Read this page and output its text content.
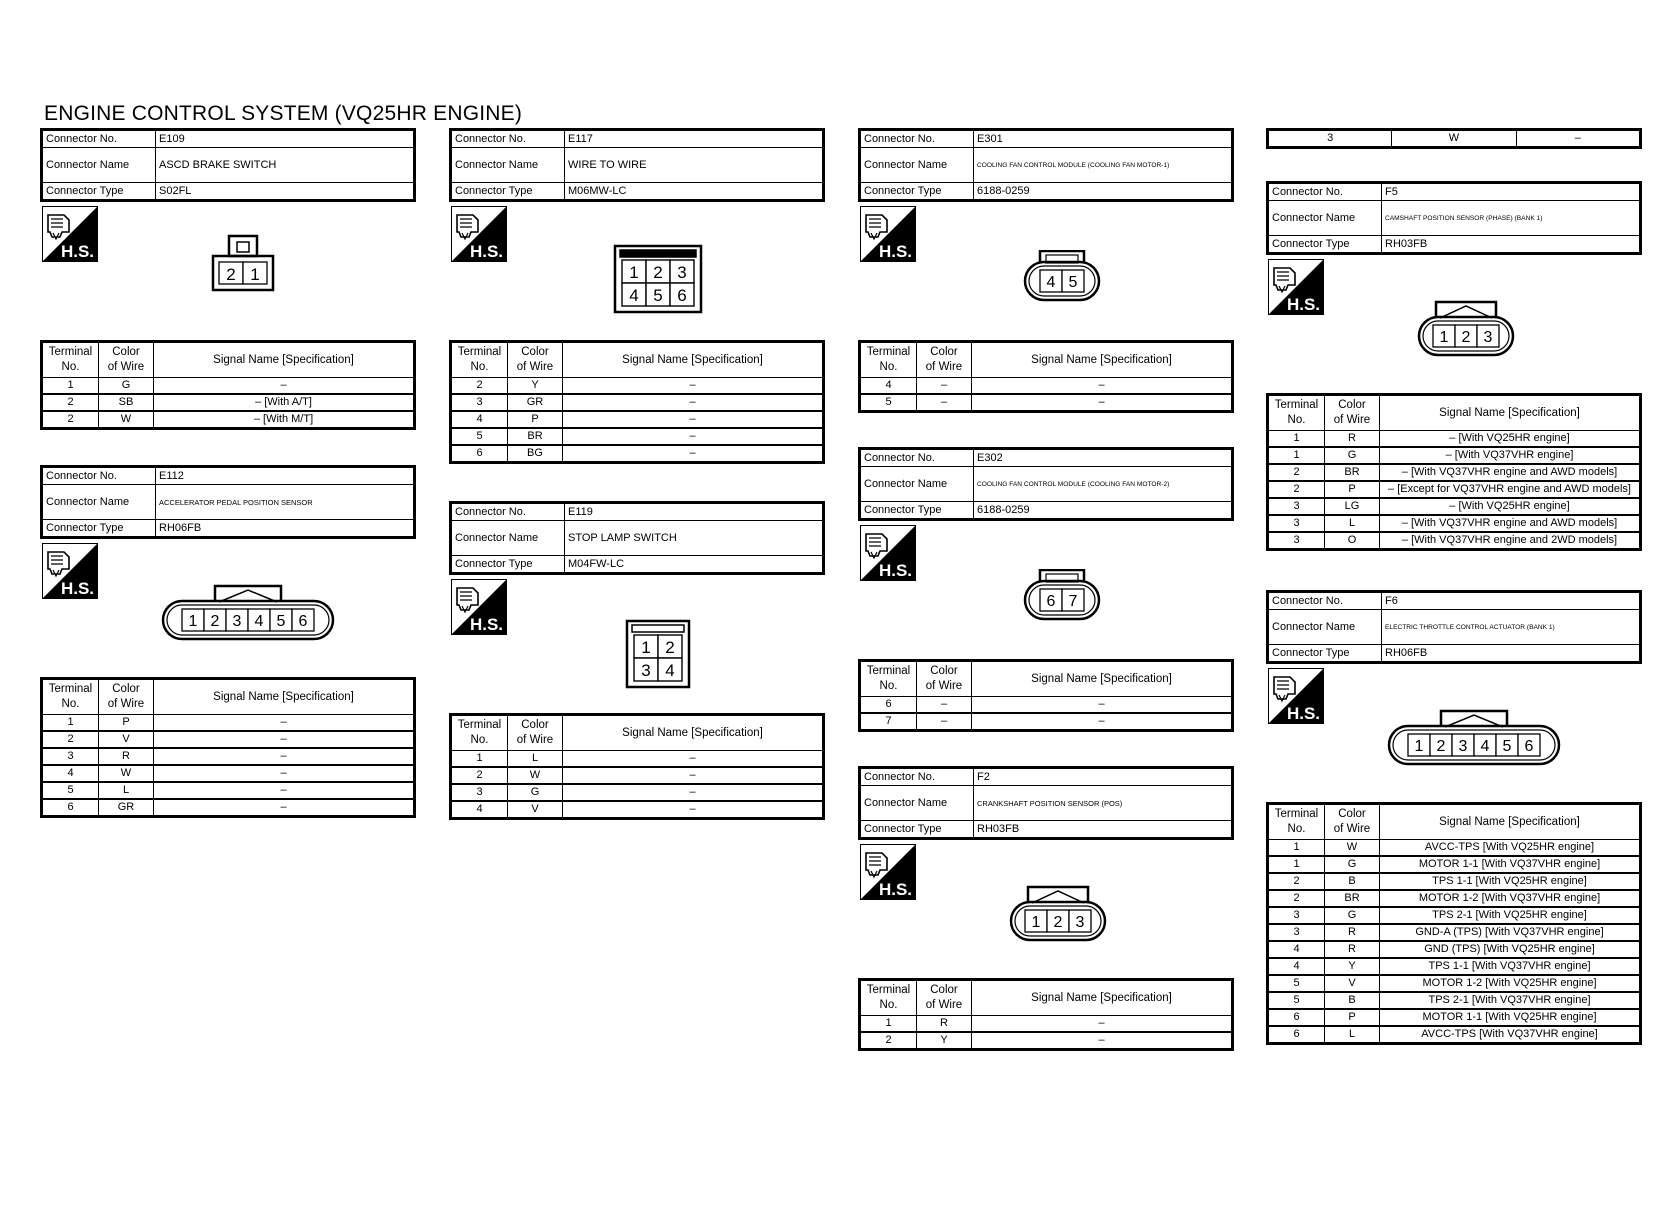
ENGINE CONTROL SYSTEM (VQ25HR ENGINE)
Connector No.	E109
Connector Name	ASCD BRAKE SWITCH
Connector Type	S02FL
H.S.
2 1
Terminal
No.	Color
of Wire	Signal Name [Specification]
1	G	–
2	SB	– [With A/T]
2	W	– [With M/T]
Connector No.	E112
Connector Name	ACCELERATOR PEDAL POSITION SENSOR
Connector Type	RH06FB
H.S.
1 2 3 4 5 6
Terminal
No.	Color
of Wire	Signal Name [Specification]
1	P	–
2	V	–
3	R	–
4	W	–
5	L	–
6	GR	–
Connector No.	E117
Connector Name	WIRE TO WIRE
Connector Type	M06MW-LC
H.S.
1 2 3
4 5 6
Terminal
No.	Color
of Wire	Signal Name [Specification]
2	Y	–
3	GR	–
4	P	–
5	BR	–
6	BG	–
Connector No.	E119
Connector Name	STOP LAMP SWITCH
Connector Type	M04FW-LC
H.S.
1 2
3 4
Terminal
No.	Color
of Wire	Signal Name [Specification]
1	L	–
2	W	–
3	G	–
4	V	–
Connector No.	E301
Connector Name	COOLING FAN CONTROL MODULE (COOLING FAN MOTOR-1)
Connector Type	6188-0259
H.S.
4 5
Terminal
No.	Color
of Wire	Signal Name [Specification]
4	–	–
5	–	–
Connector No.	E302
Connector Name	COOLING FAN CONTROL MODULE (COOLING FAN MOTOR-2)
Connector Type	6188-0259
H.S.
6 7
Terminal
No.	Color
of Wire	Signal Name [Specification]
6	–	–
7	–	–
Connector No.	F2
Connector Name	CRANKSHAFT POSITION SENSOR (POS)
Connector Type	RH03FB
H.S.
1 2 3
Terminal
No.	Color
of Wire	Signal Name [Specification]
1	R	–
2	Y	–
3	W	–
Connector No.	F5
Connector Name	CAMSHAFT POSITION SENSOR (PHASE) (BANK 1)
Connector Type	RH03FB
H.S.
1 2 3
Terminal
No.	Color
of Wire	Signal Name [Specification]
1	R	– [With VQ25HR engine]
1	G	– [With VQ37VHR engine]
2	BR	– [With VQ37VHR engine and AWD models]
2	P	– [Except for VQ37VHR engine and AWD models]
3	LG	– [With VQ25HR engine]
3	L	– [With VQ37VHR engine and AWD models]
3	O	– [With VQ37VHR engine and 2WD models]
Connector No.	F6
Connector Name	ELECTRIC THROTTLE CONTROL ACTUATOR (BANK 1)
Connector Type	RH06FB
H.S.
1 2 3 4 5 6
Terminal
No.	Color
of Wire	Signal Name [Specification]
1	W	AVCC-TPS [With VQ25HR engine]
1	G	MOTOR 1-1 [With VQ37VHR engine]
2	B	TPS 1-1 [With VQ25HR engine]
2	BR	MOTOR 1-2 [With VQ37VHR engine]
3	G	TPS 2-1 [With VQ25HR engine]
3	R	GND-A (TPS) [With VQ37VHR engine]
4	R	GND (TPS) [With VQ25HR engine]
4	Y	TPS 1-1 [With VQ37VHR engine]
5	V	MOTOR 1-2 [With VQ25HR engine]
5	B	TPS 2-1 [With VQ37VHR engine]
6	P	MOTOR 1-1 [With VQ25HR engine]
6	L	AVCC-TPS [With VQ37VHR engine]
